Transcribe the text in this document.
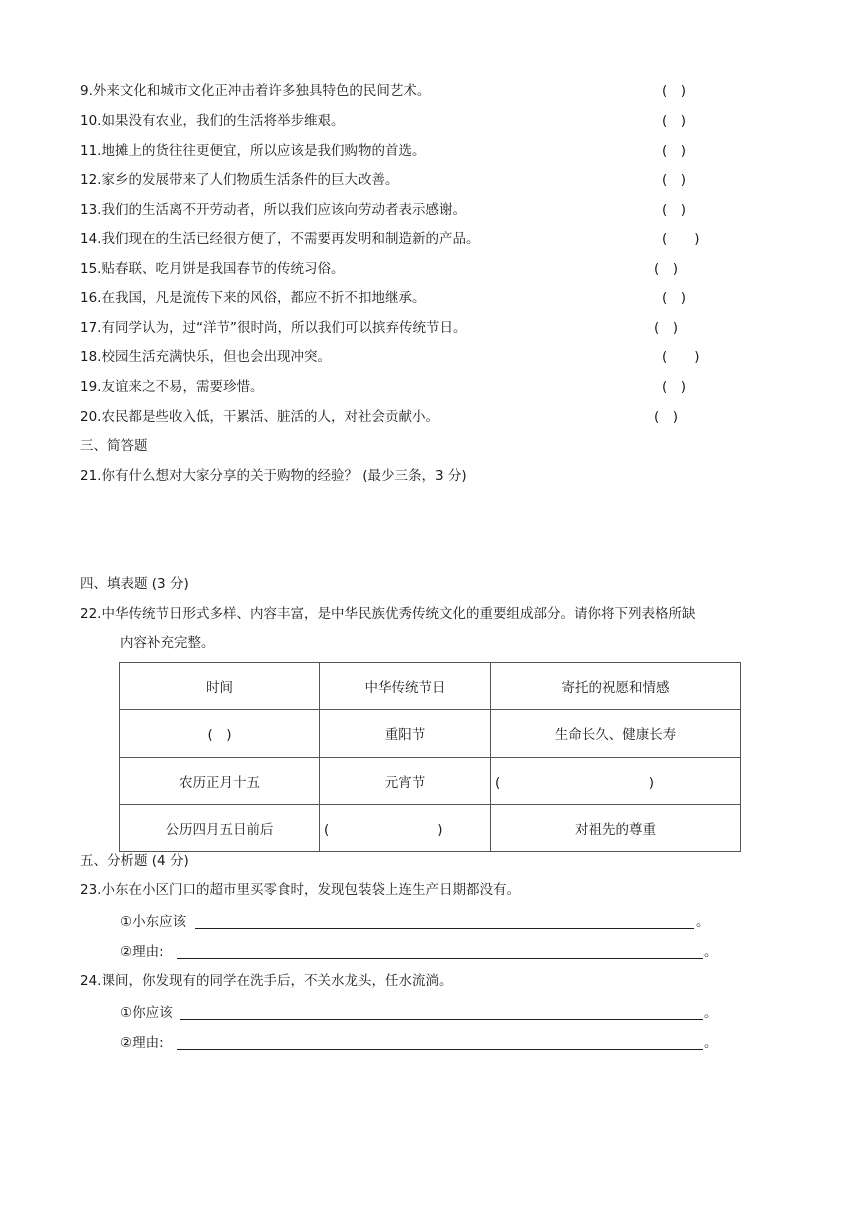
9.外来文化和城市文化正冲击着许多独具特色的民间艺术。	(　)
10.如果没有农业，我们的生活将举步维艰。	(　)
11.地摊上的货往往更便宜，所以应该是我们购物的首选。	(　)
12.家乡的发展带来了人们物质生活条件的巨大改善。	(　)
13.我们的生活离不开劳动者，所以我们应该向劳动者表示感谢。	(　)
14.我们现在的生活已经很方便了，不需要再发明和制造新的产品。	(　　)
15.贴春联、吃月饼是我国春节的传统习俗。	(　)
16.在我国，凡是流传下来的风俗，都应不折不扣地继承。	(　)
17.有同学认为，过“洋节”很时尚，所以我们可以摈弃传统节日。	(　)
18.校园生活充满快乐，但也会出现冲突。	(　　)
19.友谊来之不易，需要珍惜。	(　)
20.农民都是些收入低，干累活、脏活的人，对社会贡献小。	(　)
三、简答题
21.你有什么想对大家分享的关于购物的经验？ (最少三条，3 分)
四、填表题 (3 分)
22.中华传统节日形式多样、内容丰富，是中华民族优秀传统文化的重要组成部分。请你将下列表格所缺
内容补充完整。
时间	中华传统节日	寄托的祝愿和情感
(　)	重阳节	生命长久、健康长寿
农历正月十五	元宵节	(　　　　　　　　　　　)
公历四月五日前后	(　　　　　　　　)	对祖先的尊重
五、分析题 (4 分)
23.小东在小区门口的超市里买零食时，发现包装袋上连生产日期都没有。
①小东应该	。
②理由:	。
24.课间，你发现有的同学在洗手后，不关水龙头，任水流淌。
①你应该	。
②理由:	。
